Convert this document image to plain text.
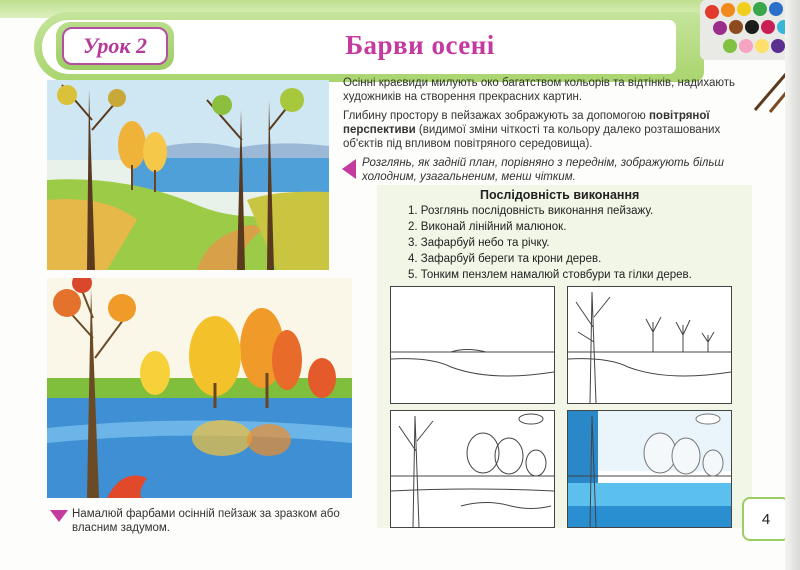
Урок 2	Барви осені
Осінні краєвиди милують око багатством кольорів та відтінків, надихають художників на створення прекрасних картин.
Глибину простору в пейзажах зображують за допомогою повітряної перспективи (видимої зміни чіткості та кольору далеко розташованих об'єктів під впливом повітряного середовища).
Розглянь, як задній план, порівняно з переднім, зображують більш холодним, узагальненим, менш чітким.
Послідовність виконання
1. Розглянь послідовність виконання пейзажу.
2. Виконай лінійний малюнок.
3. Зафарбуй небо та річку.
4. Зафарбуй береги та крони дерев.
5. Тонким пензлем намалюй стовбури та гілки дерев.
Намалюй фарбами осінній пейзаж за зразком або власним задумом.
4
